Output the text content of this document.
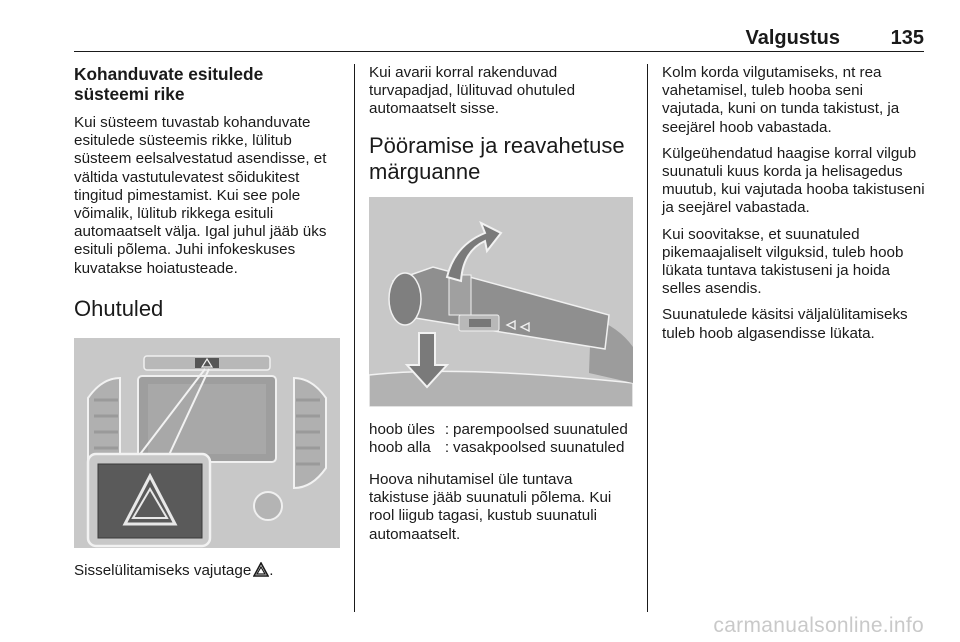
Valgustus	135
Kohanduvate esitulede süsteemi rike

Kui süsteem tuvastab kohanduvate esitulede süsteemis rikke, lülitub süsteem eelsalvestatud asendisse, et vältida vastutulevatest sõidukitest tingitud pimestamist. Kui see pole võimalik, lülitub rikkega esituli automaatselt välja. Igal juhul jääb üks esituli põlema. Juhi infokeskuses kuvatakse hoiatusteade.

Ohutuled

Sisselülitamiseks vajutage .

Kui avarii korral rakenduvad turvapadjad, lülituvad ohutuled automaatselt sisse.

Pööramise ja reavahetuse märguanne
hoob üles	:	parempoolsed suunatuled
hoob alla	:	vasakpoolsed suunatuled

Hoova nihutamisel üle tuntava takistuse jääb suunatuli põlema. Kui rool liigub tagasi, kustub suunatuli automaatselt.

Kolm korda vilgutamiseks, nt rea vahetamisel, tuleb hooba seni vajutada, kuni on tunda takistust, ja seejärel hoob vabastada.

Külgeühendatud haagise korral vilgub suunatuli kuus korda ja helisagedus muutub, kui vajutada hooba takistuseni ja seejärel vabastada.

Kui soovitakse, et suunatuled pikemaajaliselt vilguksid, tuleb hoob lükata tuntava takistuseni ja hoida selles asendis.

Suunatulede käsitsi väljalülitamiseks tuleb hoob algasendisse lükata.

carmanualsonline.info
